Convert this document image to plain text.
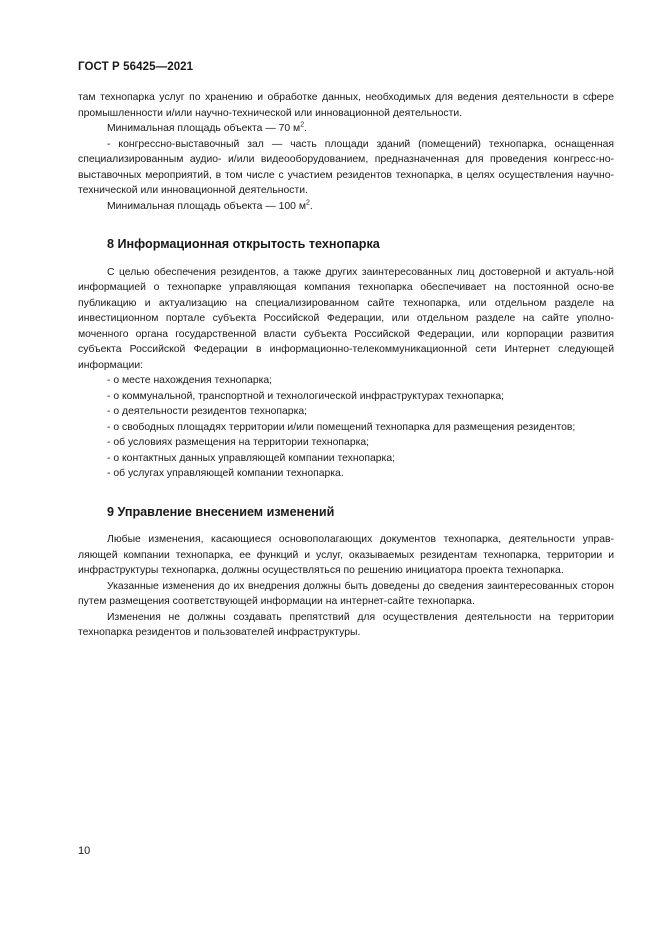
ГОСТ Р 56425—2021

там технопарка услуг по хранению и обработке данных, необходимых для ведения деятельности в сфере промышленности и/или научно-технической или инновационной деятельности.

Минимальная площадь объекта — 70 $м^2$.

- конгрессно-выставочный зал — часть площади зданий (помещений) технопарка, оснащенная специализированным аудио- и/или видеооборудованием, предназначенная для проведения конгресс-но-выставочных мероприятий, в том числе с участием резидентов технопарка, в целях осуществления научно-технической или инновационной деятельности.

Минимальная площадь объекта — 100 $м^2$.

8 Информационная открытость технопарка

С целью обеспечения резидентов, а также других заинтересованных лиц достоверной и актуаль-ной информацией о технопарке управляющая компания технопарка обеспечивает на постоянной осно-ве публикацию и актуализацию на специализированном сайте технопарка, или отдельном разделе на инвестиционном портале субъекта Российской Федерации, или отдельном разделе на сайте уполно-моченного органа государственной власти субъекта Российской Федерации, или корпорации развития субъекта Российской Федерации в информационно-телекоммуникационной сети Интернет следующей информации:

- о месте нахождения технопарка;

- о коммунальной, транспортной и технологической инфраструктурах технопарка;

- о деятельности резидентов технопарка;

- о свободных площадях территории и/или помещений технопарка для размещения резидентов;

- об условиях размещения на территории технопарка;

- о контактных данных управляющей компании технопарка;

- об услугах управляющей компании технопарка.

9 Управление внесением изменений

Любые изменения, касающиеся основополагающих документов технопарка, деятельности управ-ляющей компании технопарка, ее функций и услуг, оказываемых резидентам технопарка, территории и инфраструктуры технопарка, должны осуществляться по решению инициатора проекта технопарка.

Указанные изменения до их внедрения должны быть доведены до сведения заинтересованных сторон путем размещения соответствующей информации на интернет-сайте технопарка.

Изменения не должны создавать препятствий для осуществления деятельности на территории технопарка резидентов и пользователей инфраструктуры.

10
